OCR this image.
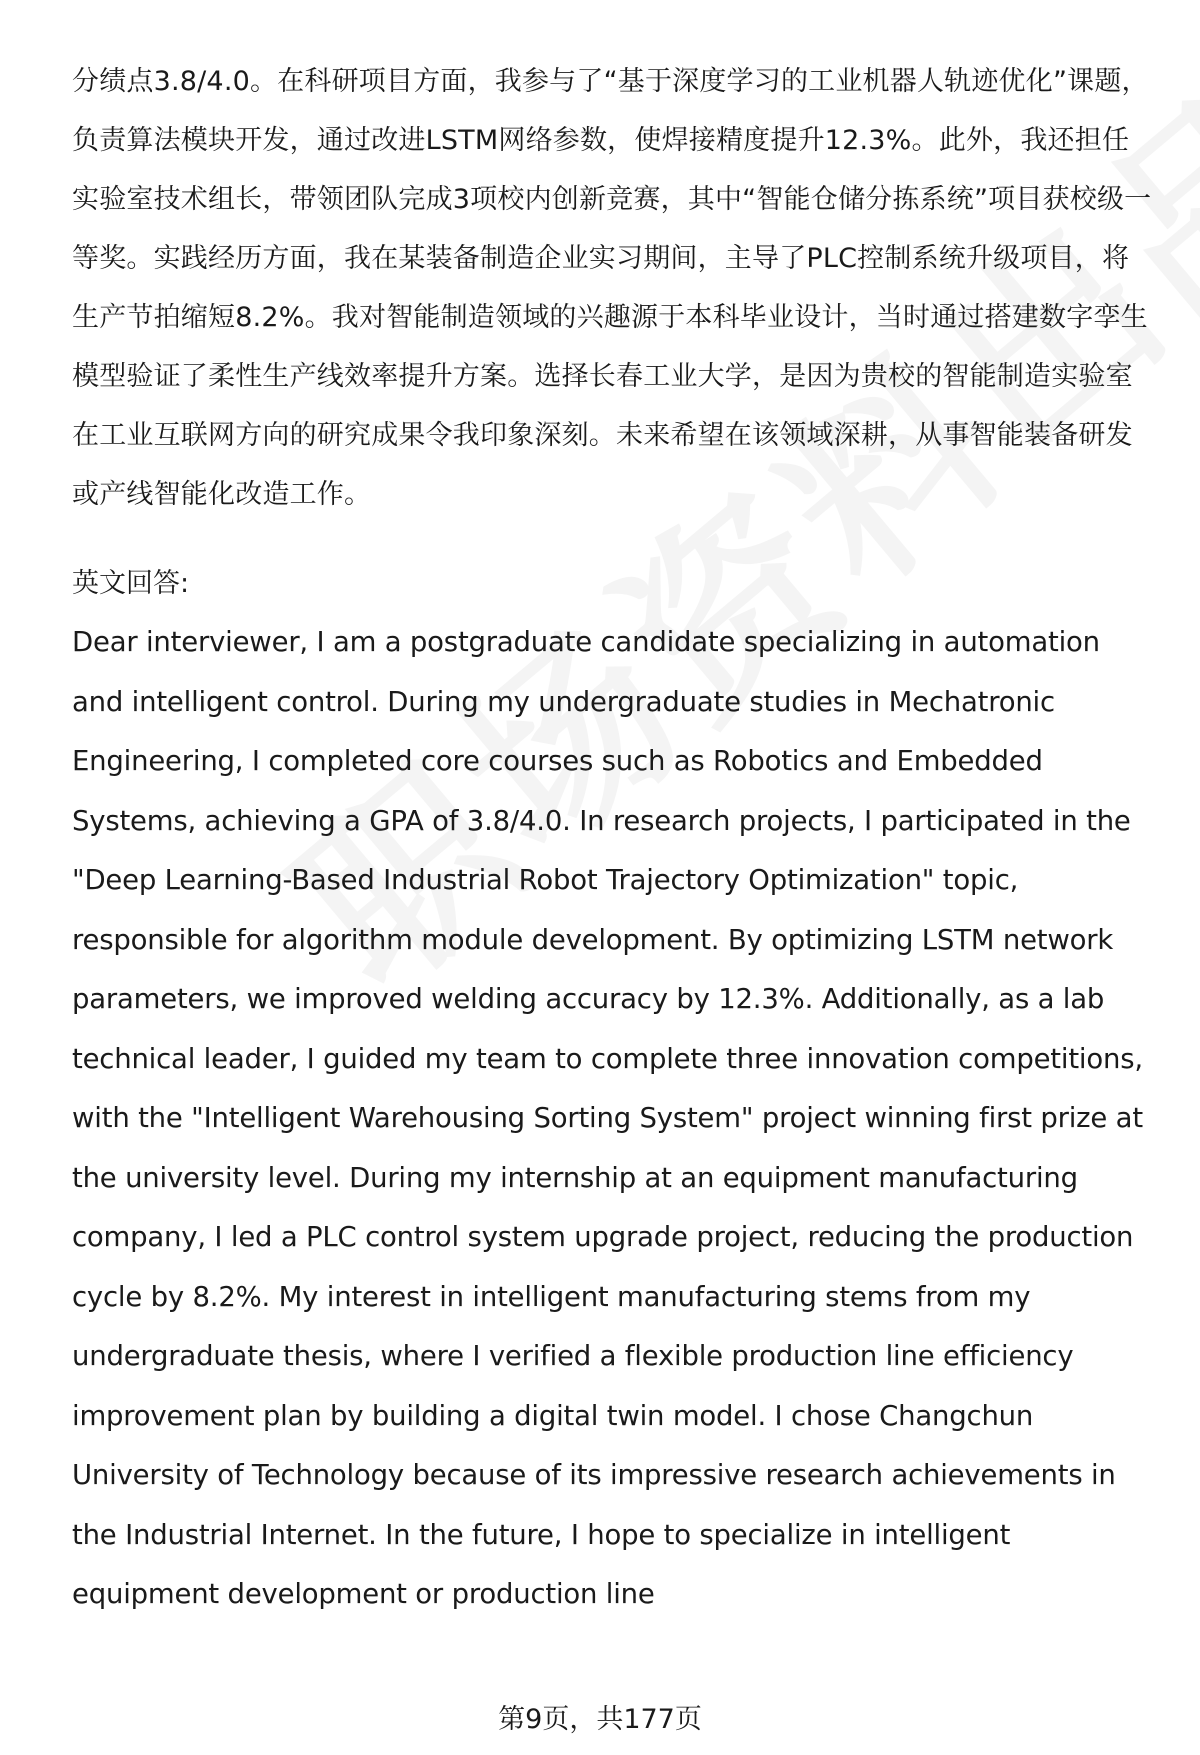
分绩点3.8/4.0。在科研项目方面，我参与了“基于深度学习的工业机器人轨迹优化”课题，负责算法模块开发，通过改进LSTM网络参数，使焊接精度提升12.3%。此外，我还担任实验室技术组长，带领团队完成3项校内创新竞赛，其中“智能仓储分拣系统”项目获校级一等奖。实践经历方面，我在某装备制造企业实习期间，主导了PLC控制系统升级项目，将生产节拍缩短8.2%。我对智能制造领域的兴趣源于本科毕业设计，当时通过搭建数字孪生模型验证了柔性生产线效率提升方案。选择长春工业大学，是因为贵校的智能制造实验室在工业互联网方向的研究成果令我印象深刻。未来希望在该领域深耕，从事智能装备研发或产线智能化改造工作。

英文回答:

Dear interviewer, I am a postgraduate candidate specializing in automation and intelligent control. During my undergraduate studies in Mechatronic Engineering, I completed core courses such as Robotics and Embedded Systems, achieving a GPA of 3.8/4.0. In research projects, I participated in the "Deep Learning-Based Industrial Robot Trajectory Optimization" topic, responsible for algorithm module development. By optimizing LSTM network parameters, we improved welding accuracy by 12.3%. Additionally, as a lab technical leader, I guided my team to complete three innovation competitions, with the "Intelligent Warehousing Sorting System" project winning first prize at the university level. During my internship at an equipment manufacturing company, I led a PLC control system upgrade project, reducing the production cycle by 8.2%. My interest in intelligent manufacturing stems from my undergraduate thesis, where I verified a flexible production line efficiency improvement plan by building a digital twin model. I chose Changchun University of Technology because of its impressive research achievements in the Industrial Internet. In the future, I hope to specialize in intelligent equipment development or production line

第9页，共177页
